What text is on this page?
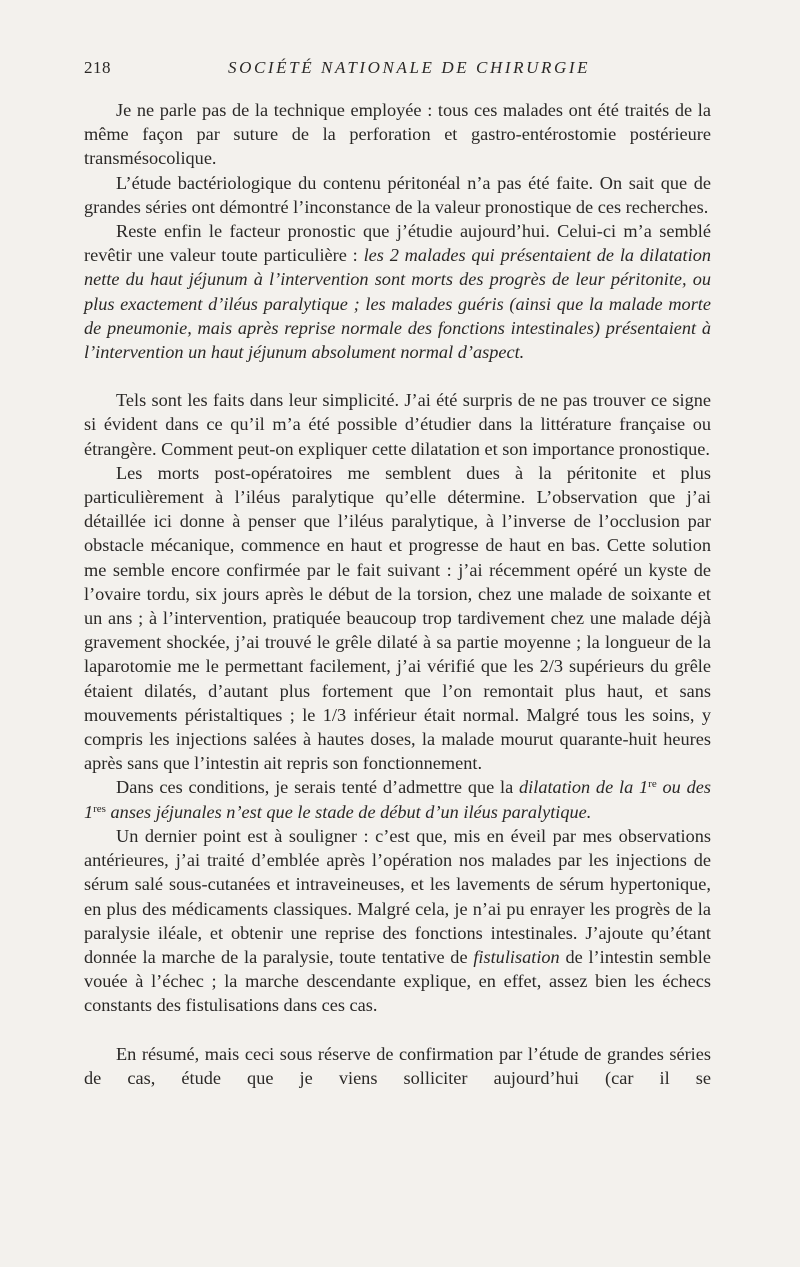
218	SOCIÉTÉ NATIONALE DE CHIRURGIE

Je ne parle pas de la technique employée : tous ces malades ont été traités de la même façon par suture de la perforation et gastro-entérostomie postérieure transmésocolique.

L’étude bactériologique du contenu péritonéal n’a pas été faite. On sait que de grandes séries ont démontré l’inconstance de la valeur pronostique de ces recherches.

Reste enfin le facteur pronostic que j’étudie aujourd’hui. Celui-ci m’a semblé revêtir une valeur toute particulière : les 2 malades qui présentaient de la dilatation nette du haut jéjunum à l’intervention sont morts des progrès de leur péritonite, ou plus exactement d’iléus paralytique ; les malades guéris (ainsi que la malade morte de pneumonie, mais après reprise normale des fonctions intestinales) présentaient à l’intervention un haut jéjunum absolument normal d’aspect.

Tels sont les faits dans leur simplicité. J’ai été surpris de ne pas trouver ce signe si évident dans ce qu’il m’a été possible d’étudier dans la littérature française ou étrangère. Comment peut-on expliquer cette dilatation et son importance pronostique.

Les morts post-opératoires me semblent dues à la péritonite et plus particulièrement à l’iléus paralytique qu’elle détermine. L’observation que j’ai détaillée ici donne à penser que l’iléus paralytique, à l’inverse de l’occlusion par obstacle mécanique, commence en haut et progresse de haut en bas. Cette solution me semble encore confirmée par le fait suivant : j’ai récemment opéré un kyste de l’ovaire tordu, six jours après le début de la torsion, chez une malade de soixante et un ans ; à l’intervention, pratiquée beaucoup trop tardivement chez une malade déjà gravement shockée, j’ai trouvé le grêle dilaté à sa partie moyenne ; la longueur de la laparotomie me le permettant facilement, j’ai vérifié que les 2/3 supérieurs du grêle étaient dilatés, d’autant plus fortement que l’on remontait plus haut, et sans mouvements péristaltiques ; le 1/3 inférieur était normal. Malgré tous les soins, y compris les injections salées à hautes doses, la malade mourut quarante-huit heures après sans que l’intestin ait repris son fonctionnement.

Dans ces conditions, je serais tenté d’admettre que la dilatation de la 1re ou des 1res anses jéjunales n’est que le stade de début d’un iléus paralytique.

Un dernier point est à souligner : c’est que, mis en éveil par mes observations antérieures, j’ai traité d’emblée après l’opération nos malades par les injections de sérum salé sous-cutanées et intraveineuses, et les lavements de sérum hypertonique, en plus des médicaments classiques. Malgré cela, je n’ai pu enrayer les progrès de la paralysie iléale, et obtenir une reprise des fonctions intestinales. J’ajoute qu’étant donnée la marche de la paralysie, toute tentative de fistulisation de l’intestin semble vouée à l’échec ; la marche descendante explique, en effet, assez bien les échecs constants des fistulisations dans ces cas.

En résumé, mais ceci sous réserve de confirmation par l’étude de grandes séries de cas, étude que je viens solliciter aujourd’hui (car il se
